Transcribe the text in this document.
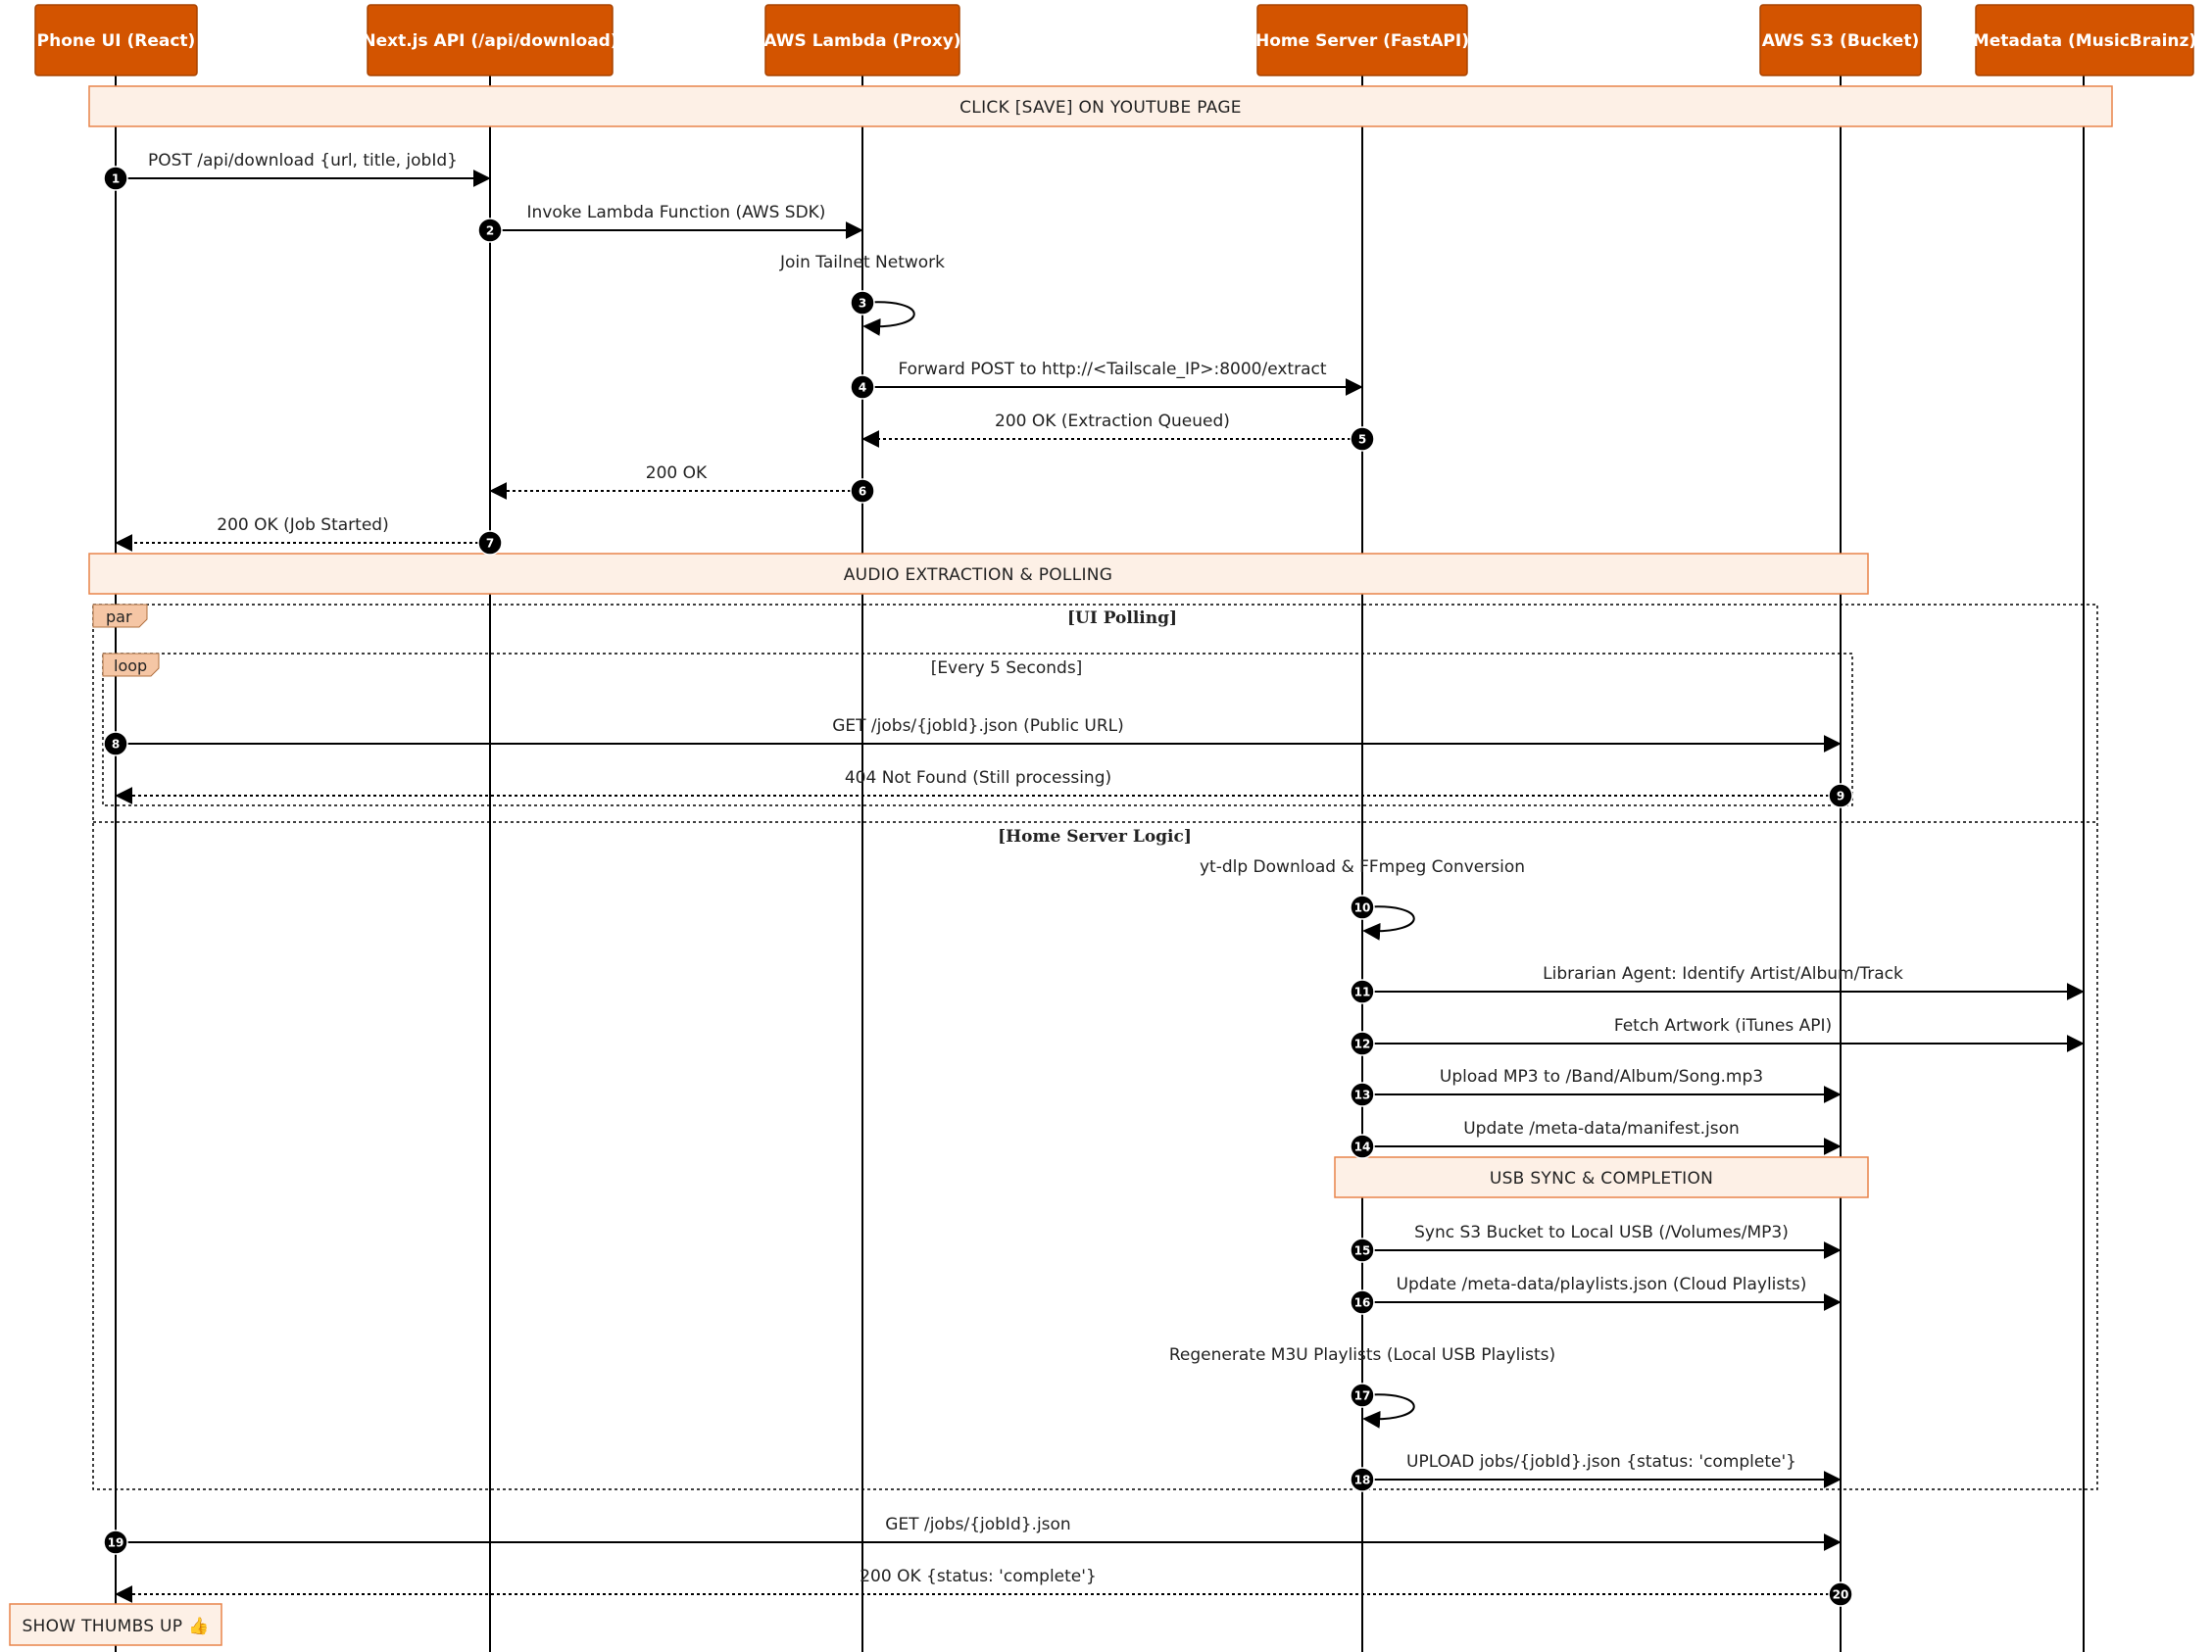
par	[UI Polling]
[Home Server Logic]
loop	[Every 5 Seconds]
CLICK [SAVE] ON YOUTUBE PAGE
AUDIO EXTRACTION & POLLING
USB SYNC & COMPLETION
SHOW THUMBS UP 👍
POST /api/download {url, title, jobId}
1
Invoke Lambda Function (AWS SDK)
2
Join Tailnet Network
3
Forward POST to http://<Tailscale_IP>:8000/extract
4
200 OK (Extraction Queued)
5
200 OK
6
200 OK (Job Started)
7
GET /jobs/{jobId}.json (Public URL)
8
404 Not Found (Still processing)
9
yt-dlp Download & FFmpeg Conversion
10
Librarian Agent: Identify Artist/Album/Track
11
Fetch Artwork (iTunes API)
12
Upload MP3 to /Band/Album/Song.mp3
13
Update /meta-data/manifest.json
14
Sync S3 Bucket to Local USB (/Volumes/MP3)
15
Update /meta-data/playlists.json (Cloud Playlists)
16
Regenerate M3U Playlists (Local USB Playlists)
17
UPLOAD jobs/{jobId}.json {status: 'complete'}
18
GET /jobs/{jobId}.json
19
200 OK {status: 'complete'}
20
Phone UI (React)	Next.js API (/api/download)	AWS Lambda (Proxy)	Home Server (FastAPI)	AWS S3 (Bucket)	Metadata (MusicBrainz)
